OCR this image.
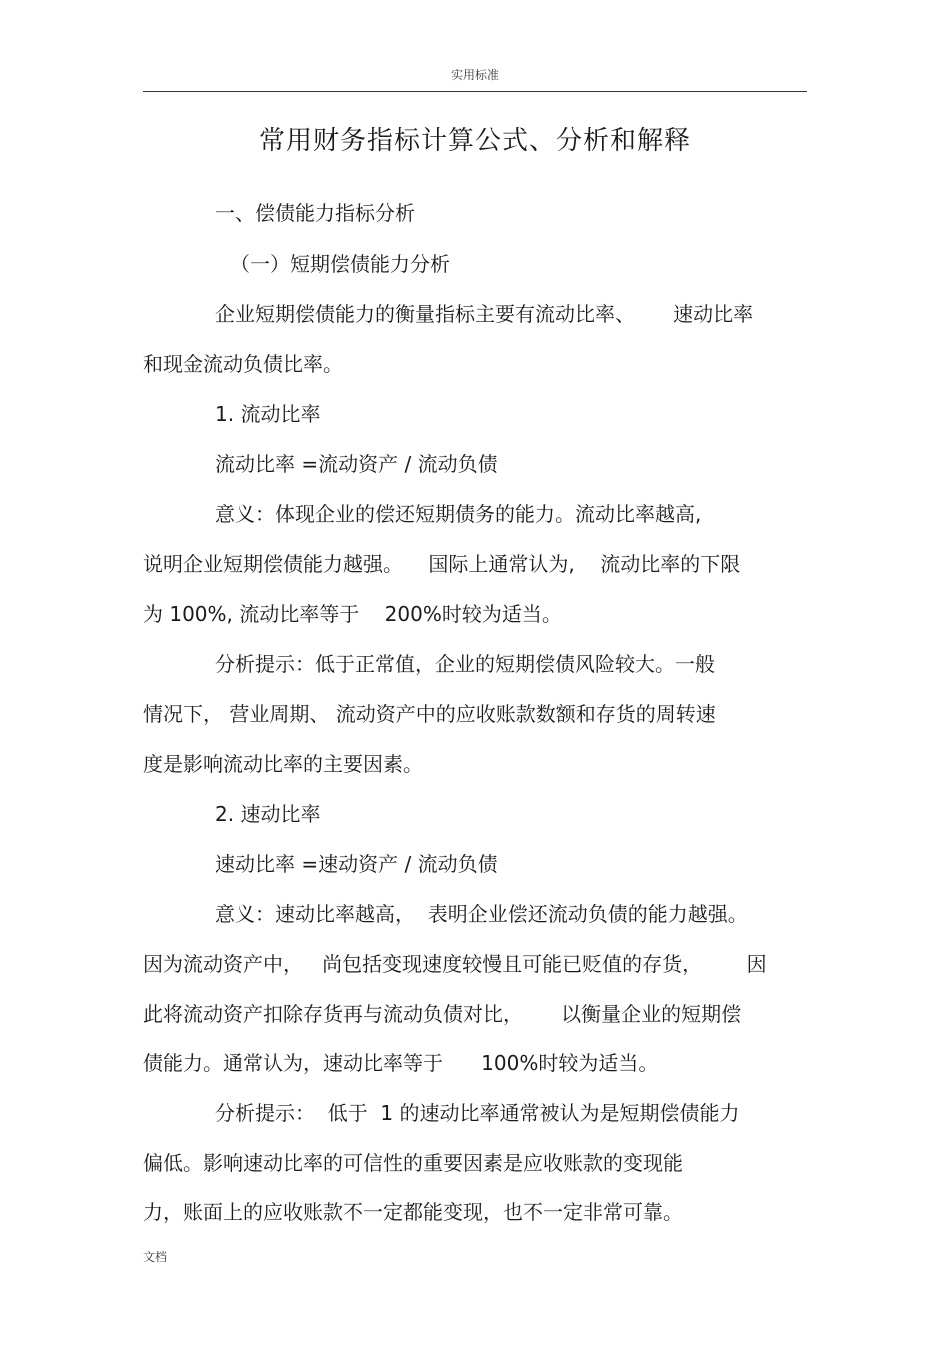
实用标准
常用财务指标计算公式、分析和解释
一、偿债能力指标分析
（一）短期偿债能力分析
企业短期偿债能力的衡量指标主要有流动比率、      速动比率
和现金流动负债比率。
1. 流动比率
流动比率 =流动资产 / 流动负债
意义：体现企业的偿还短期债务的能力。流动比率越高,
说明企业短期偿债能力越强。    国际上通常认为,    流动比率的下限
为 100%, 流动比率等于    200%时较为适当。
分析提示：低于正常值，企业的短期偿债风险较大。一般
情况下， 营业周期、 流动资产中的应收账款数额和存货的周转速
度是影响流动比率的主要因素。
2. 速动比率
速动比率 =速动资产 / 流动负债
意义：速动比率越高，  表明企业偿还流动负债的能力越强。
因为流动资产中，   尚包括变现速度较慢且可能已贬值的存货，       因
此将流动资产扣除存货再与流动负债对比，      以衡量企业的短期偿
债能力。通常认为，速动比率等于      100%时较为适当。
分析提示：  低于  1 的速动比率通常被认为是短期偿债能力
偏低。影响速动比率的可信性的重要因素是应收账款的变现能
力，账面上的应收账款不一定都能变现，也不一定非常可靠。
文档
